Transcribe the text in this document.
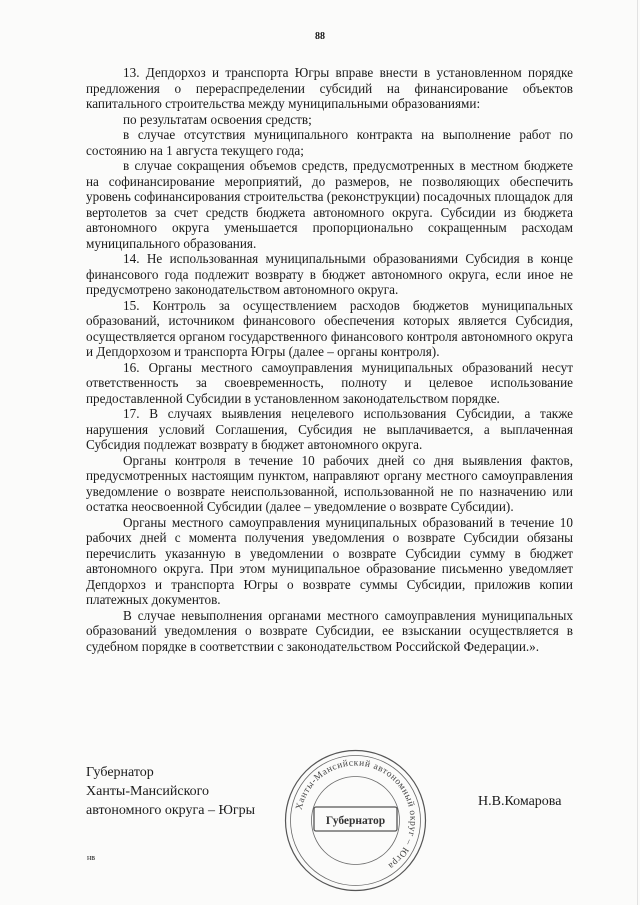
88

13. Депдорхоз и транспорта Югры вправе внести в установленном порядке предложения о перераспределении субсидий на финансирование объектов капитального строительства между муниципальными образованиями:

по результатам освоения средств;

в случае отсутствия муниципального контракта на выполнение работ по состоянию на 1 августа текущего года;

в случае сокращения объемов средств, предусмотренных в местном бюджете на софинансирование мероприятий, до размеров, не позволяющих обеспечить уровень софинансирования строительства (реконструкции) посадочных площадок для вертолетов за счет средств бюджета автономного округа. Субсидии из бюджета автономного округа уменьшается пропорционально сокращенным расходам муниципального образования.

14. Не использованная муниципальными образованиями Субсидия в конце финансового года подлежит возврату в бюджет автономного округа, если иное не предусмотрено законодательством автономного округа.

15. Контроль за осуществлением расходов бюджетов муниципальных образований, источником финансового обеспечения которых является Субсидия, осуществляется органом государственного финансового контроля автономного округа и Депдорхозом и транспорта Югры (далее – органы контроля).

16. Органы местного самоуправления муниципальных образований несут ответственность за своевременность, полноту и целевое использование предоставленной Субсидии в установленном законодательством порядке.

17. В случаях выявления нецелевого использования Субсидии, а также нарушения условий Соглашения, Субсидия не выплачивается, а выплаченная Субсидия подлежат возврату в бюджет автономного округа.

Органы контроля в течение 10 рабочих дней со дня выявления фактов, предусмотренных настоящим пунктом, направляют органу местного самоуправления уведомление о возврате неиспользованной, использованной не по назначению или остатка неосвоенной Субсидии (далее – уведомление о возврате Субсидии).

Органы местного самоуправления муниципальных образований в течение 10 рабочих дней с момента получения уведомления о возврате Субсидии обязаны перечислить указанную в уведомлении о возврате Субсидии сумму в бюджет автономного округа. При этом муниципальное образование письменно уведомляет Депдорхоз и транспорта Югры о возврате суммы Субсидии, приложив копии платежных документов.

В случае невыполнения органами местного самоуправления муниципальных образований уведомления о возврате Субсидии, ее взыскании осуществляется в судебном порядке в соответствии с законодательством Российской Федерации.».

Губернатор
Ханты-Мансийского
автономного округа – Югры	Ханты-Мансийский автономный округ – Югра
Губернатор
Н.В.Комарова
нв
